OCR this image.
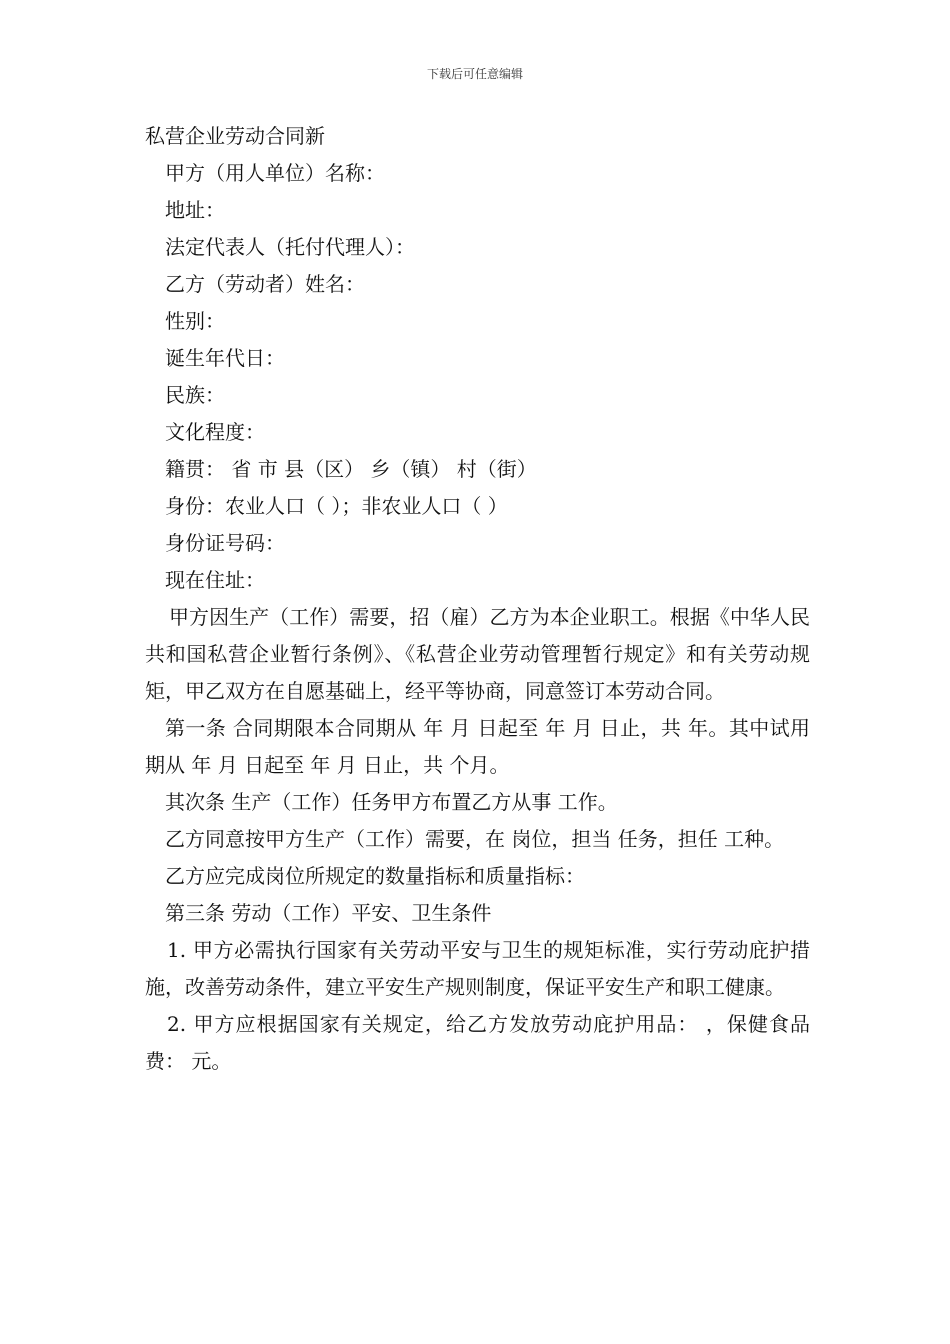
下载后可任意编辑
私营企业劳动合同新

甲方（用人单位）名称：

地址：

法定代表人（托付代理人）：

乙方（劳动者）姓名：

性别：

诞生年代日：

民族：

文化程度：

籍贯： 省 市 县（区） 乡（镇） 村（街）

身份：农业人口（ ）；非农业人口（ ）

身份证号码：

现在住址：

甲方因生产（工作）需要，招（雇）乙方为本企业职工。根据《中华人民共和国私营企业暂行条例》、《私营企业劳动管理暂行规定》和有关劳动规矩，甲乙双方在自愿基础上，经平等协商，同意签订本劳动合同。

第一条 合同期限本合同期从 年 月 日起至 年 月 日止，共 年。其中试用期从 年 月 日起至 年 月 日止，共 个月。

其次条 生产（工作）任务甲方布置乙方从事 工作。

乙方同意按甲方生产（工作）需要，在 岗位，担当 任务，担任 工种。

乙方应完成岗位所规定的数量指标和质量指标：

第三条 劳动（工作）平安、卫生条件

1. 甲方必需执行国家有关劳动平安与卫生的规矩标准，实行劳动庇护措施，改善劳动条件，建立平安生产规则制度，保证平安生产和职工健康。

2. 甲方应根据国家有关规定，给乙方发放劳动庇护用品： ，保健食品费： 元。
